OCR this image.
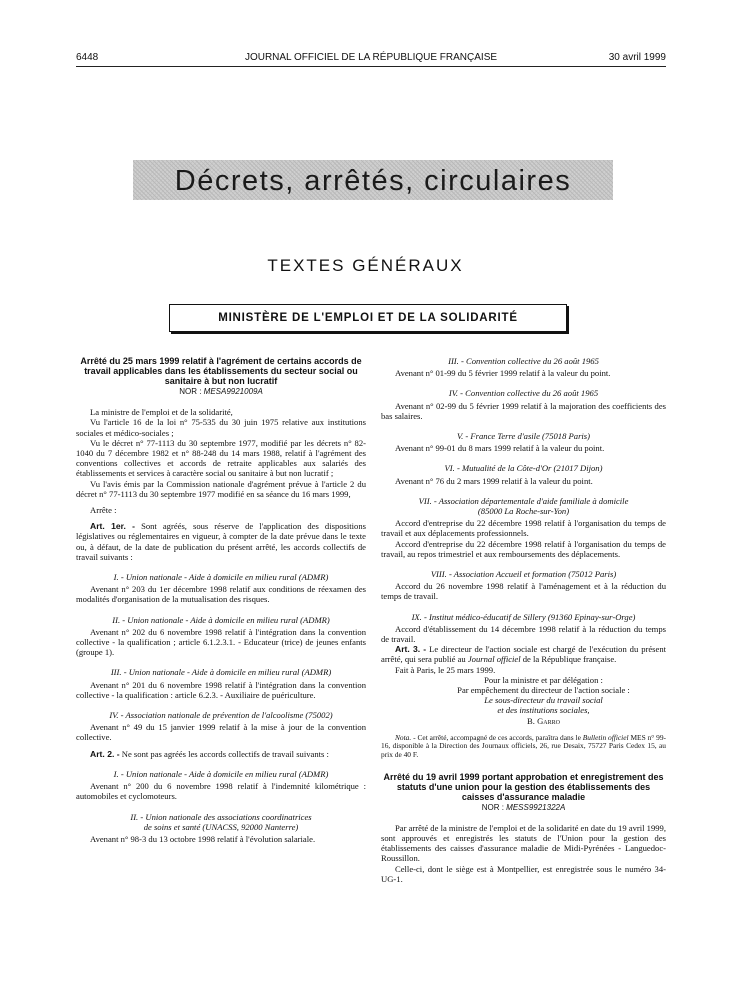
6448	JOURNAL OFFICIEL DE LA RÉPUBLIQUE FRANÇAISE	30 avril 1999
Décrets, arrêtés, circulaires
TEXTES GÉNÉRAUX
MINISTÈRE DE L'EMPLOI ET DE LA SOLIDARITÉ

Arrêté du 25 mars 1999 relatif à l'agrément de certains accords de travail applicables dans les établissements du secteur social ou sanitaire à but non lucratif

NOR : MESA9921009A

La ministre de l'emploi et de la solidarité,

Vu l'article 16 de la loi n° 75-535 du 30 juin 1975 relative aux institutions sociales et médico-sociales ;

Vu le décret n° 77-1113 du 30 septembre 1977, modifié par les décrets n° 82-1040 du 7 décembre 1982 et n° 88-248 du 14 mars 1988, relatif à l'agrément des conventions collectives et accords de retraite applicables aux salariés des établissements et services à caractère social ou sanitaire à but non lucratif ;

Vu l'avis émis par la Commission nationale d'agrément prévue à l'article 2 du décret n° 77-1113 du 30 septembre 1977 modifié en sa séance du 16 mars 1999,

Arrête :

Art. 1er. - Sont agréés, sous réserve de l'application des dispositions législatives ou réglementaires en vigueur, à compter de la date prévue dans le texte ou, à défaut, de la date de publication du présent arrêté, les accords collectifs de travail suivants :

I. - Union nationale - Aide à domicile en milieu rural (ADMR)

Avenant n° 203 du 1er décembre 1998 relatif aux conditions de réexamen des modalités d'organisation de la mutualisation des risques.

II. - Union nationale - Aide à domicile en milieu rural (ADMR)

Avenant n° 202 du 6 novembre 1998 relatif à l'intégration dans la convention collective - la qualification ; article 6.1.2.3.1. - Educateur (trice) de jeunes enfants (groupe 1).

III. - Union nationale - Aide à domicile en milieu rural (ADMR)

Avenant n° 201 du 6 novembre 1998 relatif à l'intégration dans la convention collective - la qualification : article 6.2.3. - Auxiliaire de puériculture.

IV. - Association nationale de prévention de l'alcoolisme (75002)

Avenant n° 49 du 15 janvier 1999 relatif à la mise à jour de la convention collective.

Art. 2. - Ne sont pas agréés les accords collectifs de travail suivants :

I. - Union nationale - Aide à domicile en milieu rural (ADMR)

Avenant n° 200 du 6 novembre 1998 relatif à l'indemnité kilométrique : automobiles et cyclomoteurs.

II. - Union nationale des associations coordinatrices

de soins et santé (UNACSS, 92000 Nanterre)

Avenant n° 98-3 du 13 octobre 1998 relatif à l'évolution salariale.

III. - Convention collective du 26 août 1965

Avenant n° 01-99 du 5 février 1999 relatif à la valeur du point.

IV. - Convention collective du 26 août 1965

Avenant n° 02-99 du 5 février 1999 relatif à la majoration des coefficients des bas salaires.

V. - France Terre d'asile (75018 Paris)

Avenant n° 99-01 du 8 mars 1999 relatif à la valeur du point.

VI. - Mutualité de la Côte-d'Or (21017 Dijon)

Avenant n° 76 du 2 mars 1999 relatif à la valeur du point.

VII. - Association départementale d'aide familiale à domicile

(85000 La Roche-sur-Yon)

Accord d'entreprise du 22 décembre 1998 relatif à l'organisation du temps de travail et aux déplacements professionnels.

Accord d'entreprise du 22 décembre 1998 relatif à l'organisation du temps de travail, au repos trimestriel et aux remboursements des déplacements.

VIII. - Association Accueil et formation (75012 Paris)

Accord du 26 novembre 1998 relatif à l'aménagement et à la réduction du temps de travail.

IX. - Institut médico-éducatif de Sillery (91360 Epinay-sur-Orge)

Accord d'établissement du 14 décembre 1998 relatif à la réduction du temps de travail.

Art. 3. - Le directeur de l'action sociale est chargé de l'exécution du présent arrêté, qui sera publié au Journal officiel de la République française.

Fait à Paris, le 25 mars 1999.

Pour la ministre et par délégation :

Par empêchement du directeur de l'action sociale :

Le sous-directeur du travail social

et des institutions sociales,

B. Garro

Nota. - Cet arrêté, accompagné de ces accords, paraîtra dans le Bulletin officiel MES n° 99-16, disponible à la Direction des Journaux officiels, 26, rue Desaix, 75727 Paris Cedex 15, au prix de 40 F.

Arrêté du 19 avril 1999 portant approbation et enregistrement des statuts d'une union pour la gestion des établissements des caisses d'assurance maladie

NOR : MESS9921322A

Par arrêté de la ministre de l'emploi et de la solidarité en date du 19 avril 1999, sont approuvés et enregistrés les statuts de l'Union pour la gestion des établissements des caisses d'assurance maladie de Midi-Pyrénées - Languedoc-Roussillon.

Celle-ci, dont le siège est à Montpellier, est enregistrée sous le numéro 34-UG-1.
